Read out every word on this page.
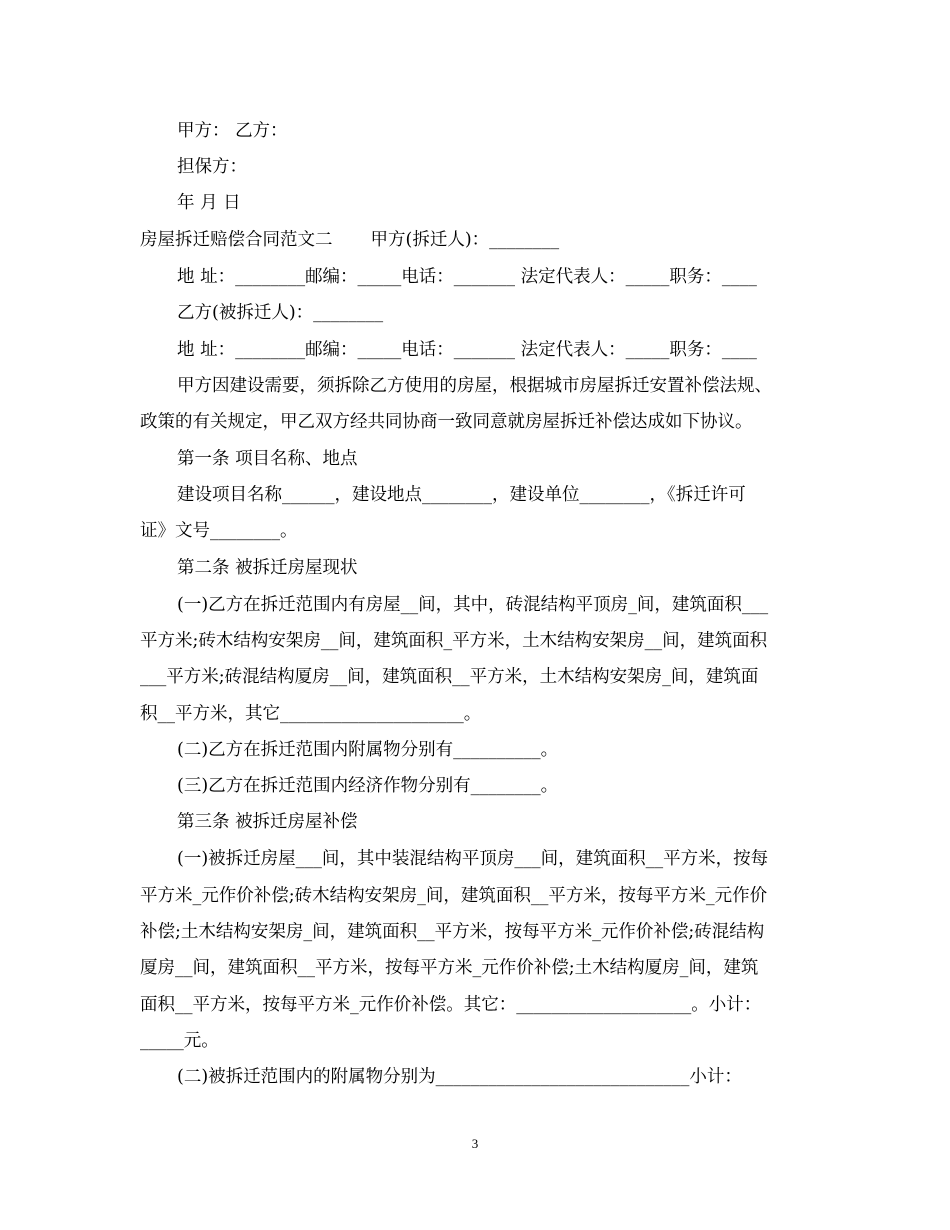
甲方： 乙方：
担保方：
年 月 日
房屋拆迁赔偿合同范文二 甲方(拆迁人)：________
地 址：________邮编：_____电话：_______ 法定代表人：_____职务：____
乙方(被拆迁人)：________
地 址：________邮编：_____电话：_______ 法定代表人：_____职务：____
甲方因建设需要，须拆除乙方使用的房屋，根据城市房屋拆迁安置补偿法规、
政策的有关规定，甲乙双方经共同协商一致同意就房屋拆迁补偿达成如下协议。
第一条 项目名称、地点
建设项目名称______，建设地点________，建设单位________，《拆迁许可
证》文号________。
第二条 被拆迁房屋现状
(一)乙方在拆迁范围内有房屋__间，其中，砖混结构平顶房_间，建筑面积___
平方米;砖木结构安架房__间，建筑面积_平方米，土木结构安架房__间，建筑面积
___平方米;砖混结构厦房__间，建筑面积__平方米，土木结构安架房_间，建筑面
积__平方米，其它_____________________。
(二)乙方在拆迁范围内附属物分别有__________。
(三)乙方在拆迁范围内经济作物分别有________。
第三条 被拆迁房屋补偿
(一)被拆迁房屋___间，其中装混结构平顶房___间，建筑面积__平方米，按每
平方米_元作价补偿;砖木结构安架房_间，建筑面积__平方米，按每平方米_元作价
补偿;土木结构安架房_间，建筑面积__平方米，按每平方米_元作价补偿;砖混结构
厦房__间，建筑面积__平方米，按每平方米_元作价补偿;土木结构厦房_间，建筑
面积__平方米，按每平方米_元作价补偿。其它：____________________。小计：
_____元。
(二)被拆迁范围内的附属物分别为_____________________________小计：
3
